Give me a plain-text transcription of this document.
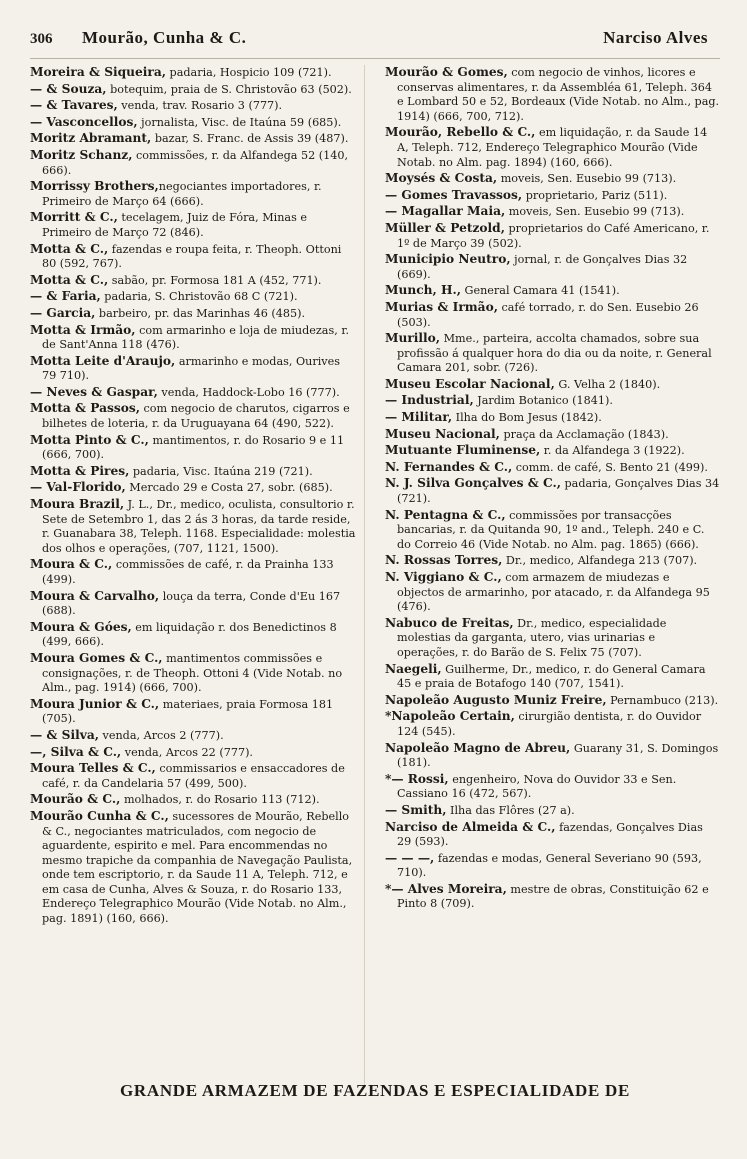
306	Mourão, Cunha & C.	Narciso Alves
Moreira & Siqueira, padaria, Hospicio 109 (721).
— & Souza, botequim, praia de S. Christovão 63 (502).
— & Tavares, venda, trav. Rosario 3 (777).
— Vasconcellos, jornalista, Visc. de Itaúna 59 (685).
Moritz Abramant, bazar, S. Franc. de Assis 39 (487).
Moritz Schanz, commissões, r. da Alfandega 52 (140, 666).
Morrissy Brothers,negociantes importadores, r. Primeiro de Março 64 (666).
Morritt & C., tecelagem, Juiz de Fóra, Minas e Primeiro de Março 72 (846).
Motta & C., fazendas e roupa feita, r. Theoph. Ottoni 80 (592, 767).
Motta & C., sabão, pr. Formosa 181 A (452, 771).
— & Faria, padaria, S. Christovão 68 C (721).
— Garcia, barbeiro, pr. das Marinhas 46 (485).
Motta & Irmão, com armarinho e loja de miudezas, r. de Sant'Anna 118 (476).
Motta Leite d'Araujo, armarinho e modas, Ourives 79 710).
— Neves & Gaspar, venda, Haddock-Lobo 16 (777).
Motta & Passos, com negocio de charutos, cigarros e bilhetes de loteria, r. da Uruguayana 64 (490, 522).
Motta Pinto & C., mantimentos, r. do Rosario 9 e 11 (666, 700).
Motta & Pires, padaria, Visc. Itaúna 219 (721).
— Val-Florido, Mercado 29 e Costa 27, sobr. (685).
Moura Brazil, J. L., Dr., medico, oculista, consultorio r. Sete de Setembro 1, das 2 ás 3 horas, da tarde reside, r. Guanabara 38, Teleph. 1168. Especialidade: molestia dos olhos e operações, (707, 1121, 1500).
Moura & C., commissões de café, r. da Prainha 133 (499).
Moura & Carvalho, louça da terra, Conde d'Eu 167 (688).
Moura & Góes, em liquidação r. dos Benedictinos 8 (499, 666).
Moura Gomes & C., mantimentos commissões e consignações, r. de Theoph. Ottoni 4 (Vide Notab. no Alm., pag. 1914) (666, 700).
Moura Junior & C., materiaes, praia Formosa 181 (705).
— & Silva, venda, Arcos 2 (777).
—, Silva & C., venda, Arcos 22 (777).
Moura Telles & C., commissarios e ensaccadores de café, r. da Candelaria 57 (499, 500).
Mourão & C., molhados, r. do Rosario 113 (712).
Mourão Cunha & C., sucessores de Mourão, Rebello & C., negociantes matriculados, com negocio de aguardente, espirito e mel. Para encommendas no mesmo trapiche da companhia de Navegação Paulista, onde tem escriptorio, r. da Saude 11 A, Teleph. 712, e em casa de Cunha, Alves & Souza, r. do Rosario 133, Endereço Telegraphico Mourão (Vide Notab. no Alm., pag. 1891) (160, 666).
Mourão & Gomes, com negocio de vinhos, licores e conservas alimentares, r. da Assembléa 61, Teleph. 364 e Lombard 50 e 52, Bordeaux (Vide Notab. no Alm., pag. 1914) (666, 700, 712).
Mourão, Rebello & C., em liquidação, r. da Saude 14 A, Teleph. 712, Endereço Telegraphico Mourão (Vide Notab. no Alm. pag. 1894) (160, 666).
Moysés & Costa, moveis, Sen. Eusebio 99 (713).
— Gomes Travassos, proprietario, Pariz (511).
— Magallar Maia, moveis, Sen. Eusebio 99 (713).
Müller & Petzold, proprietarios do Café Americano, r. 1º de Março 39 (502).
Municipio Neutro, jornal, r. de Gonçalves Dias 32 (669).
Munch, H., General Camara 41 (1541).
Murias & Irmão, café torrado, r. do Sen. Eusebio 26 (503).
Murillo, Mme., parteira, accolta chamados, sobre sua profissão á qualquer hora do dia ou da noite, r. General Camara 201, sobr. (726).
Museu Escolar Nacional, G. Velha 2 (1840).
— Industrial, Jardim Botanico (1841).
— Militar, Ilha do Bom Jesus (1842).
Museu Nacional, praça da Acclamação (1843).
Mutuante Fluminense, r. da Alfandega 3 (1922).
N. Fernandes & C., comm. de café, S. Bento 21 (499).
N. J. Silva Gonçalves & C., padaria, Gonçalves Dias 34 (721).
N. Pentagna & C., commissões por transacções bancarias, r. da Quitanda 90, 1º and., Teleph. 240 e C. do Correio 46 (Vide Notab. no Alm. pag. 1865) (666).
N. Rossas Torres, Dr., medico, Alfandega 213 (707).
N. Viggiano & C., com armazem de miudezas e objectos de armarinho, por atacado, r. da Alfandega 95 (476).
Nabuco de Freitas, Dr., medico, especialidade molestias da garganta, utero, vias urinarias e operações, r. do Barão de S. Felix 75 (707).
Naegeli, Guilherme, Dr., medico, r. do General Camara 45 e praia de Botafogo 140 (707, 1541).
Napoleão Augusto Muniz Freire, Pernambuco (213).
*Napoleão Certain, cirurgião dentista, r. do Ouvidor 124 (545).
Napoleão Magno de Abreu, Guarany 31, S. Domingos (181).
*— Rossi, engenheiro, Nova do Ouvidor 33 e Sen. Cassiano 16 (472, 567).
— Smith, Ilha das Flôres (27 a).
Narciso de Almeida & C., fazendas, Gonçalves Dias 29 (593).
— — —, fazendas e modas, General Severiano 90 (593, 710).
*— Alves Moreira, mestre de obras, Constituição 62 e Pinto 8 (709).
GRANDE ARMAZEM DE FAZENDAS E ESPECIALIDADE DE
